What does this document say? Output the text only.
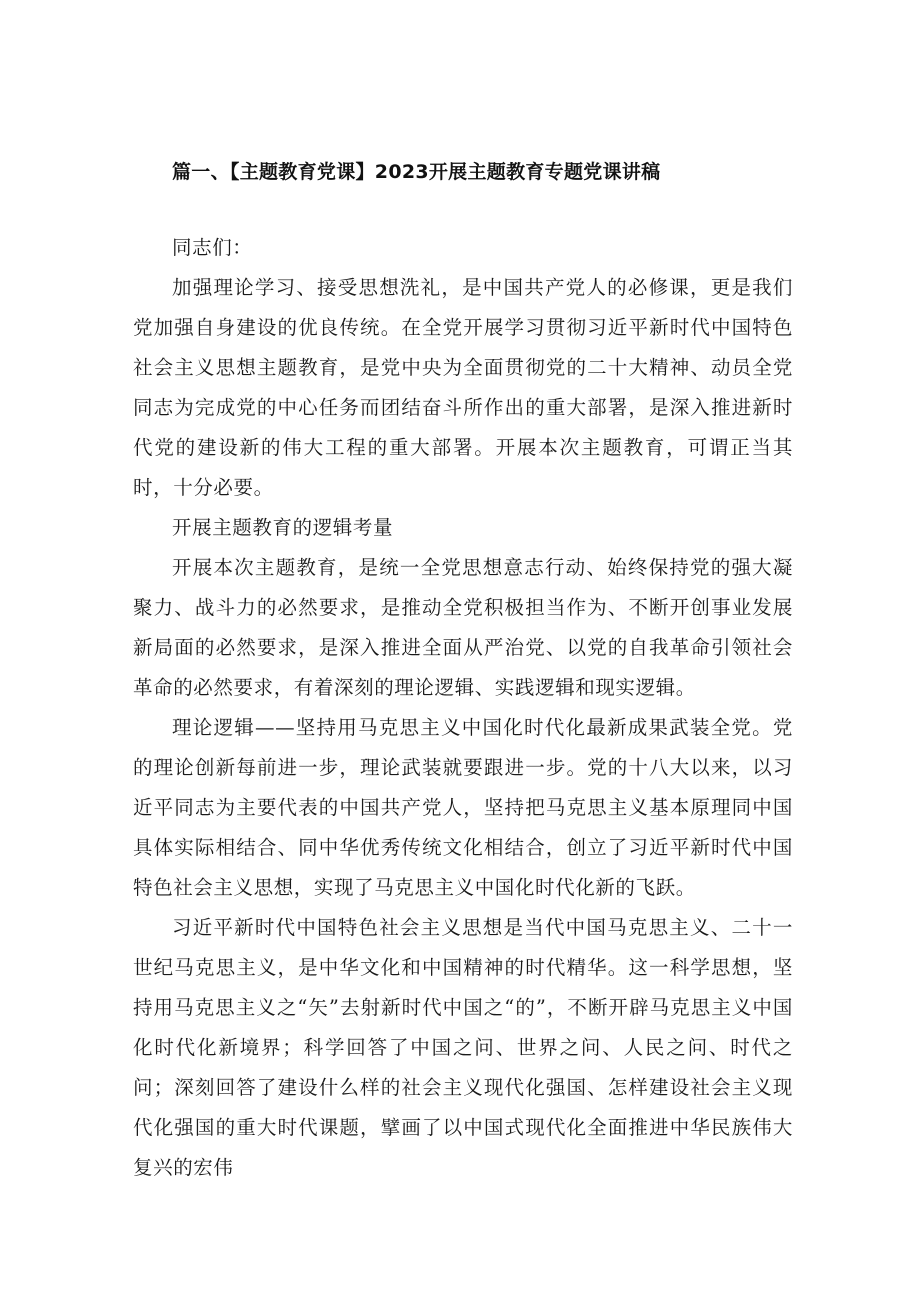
篇一、【主题教育党课】2023开展主题教育专题党课讲稿

同志们：

加强理论学习、接受思想洗礼，是中国共产党人的必修课，更是我们党加强自身建设的优良传统。在全党开展学习贯彻习近平新时代中国特色社会主义思想主题教育，是党中央为全面贯彻党的二十大精神、动员全党同志为完成党的中心任务而团结奋斗所作出的重大部署，是深入推进新时代党的建设新的伟大工程的重大部署。开展本次主题教育，可谓正当其时，十分必要。

开展主题教育的逻辑考量

开展本次主题教育，是统一全党思想意志行动、始终保持党的强大凝聚力、战斗力的必然要求，是推动全党积极担当作为、不断开创事业发展新局面的必然要求，是深入推进全面从严治党、以党的自我革命引领社会革命的必然要求，有着深刻的理论逻辑、实践逻辑和现实逻辑。

理论逻辑——坚持用马克思主义中国化时代化最新成果武装全党。党的理论创新每前进一步，理论武装就要跟进一步。党的十八大以来，以习近平同志为主要代表的中国共产党人，坚持把马克思主义基本原理同中国具体实际相结合、同中华优秀传统文化相结合，创立了习近平新时代中国特色社会主义思想，实现了马克思主义中国化时代化新的飞跃。

习近平新时代中国特色社会主义思想是当代中国马克思主义、二十一世纪马克思主义，是中华文化和中国精神的时代精华。这一科学思想，坚持用马克思主义之“矢”去射新时代中国之“的”，不断开辟马克思主义中国化时代化新境界；科学回答了中国之问、世界之问、人民之问、时代之问；深刻回答了建设什么样的社会主义现代化强国、怎样建设社会主义现代化强国的重大时代课题，擘画了以中国式现代化全面推进中华民族伟大复兴的宏伟
